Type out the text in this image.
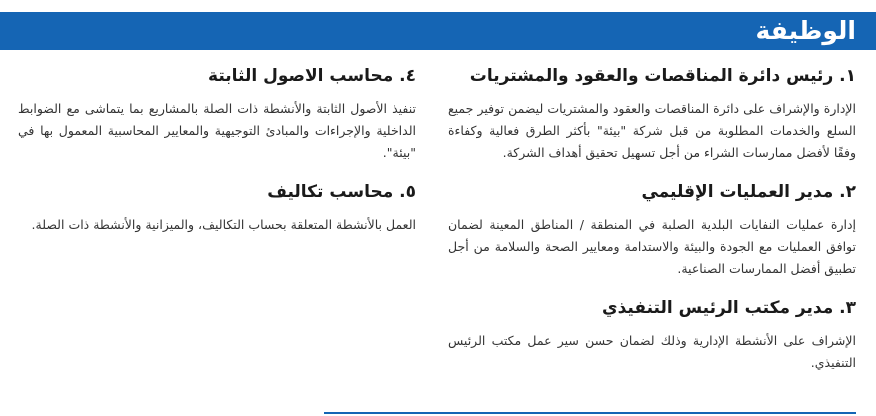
الوظيفة
١. رئيس دائرة المناقصات والعقود والمشتريات

الإدارة والإشراف على دائرة المناقصات والعقود والمشتريات ليضمن توفير جميع السلع والخدمات المطلوبة من قبل شركة "بيئة" بأكثر الطرق فعالية وكفاءة وفقًا لأفضل ممارسات الشراء من أجل تسهيل تحقيق أهداف الشركة.

٢. مدير العمليات الإقليمي

إدارة عمليات النفايات البلدية الصلبة في المنطقة / المناطق المعينة لضمان توافق العمليات مع الجودة والبيئة والاستدامة ومعايير الصحة والسلامة من أجل تطبيق أفضل الممارسات الصناعية.

٣. مدير مكتب الرئيس التنفيذي

الإشراف على الأنشطة الإدارية وذلك لضمان حسن سير عمل مكتب الرئيس التنفيذي.

٤. محاسب الاصول الثابتة

تنفيذ الأصول الثابتة والأنشطة ذات الصلة بالمشاريع بما يتماشى مع الضوابط الداخلية والإجراءات والمبادئ التوجيهية والمعايير المحاسبية المعمول بها في "بيئة".

٥. محاسب تكاليف

العمل بالأنشطة المتعلقة بحساب التكاليف، والميزانية والأنشطة ذات الصلة.
